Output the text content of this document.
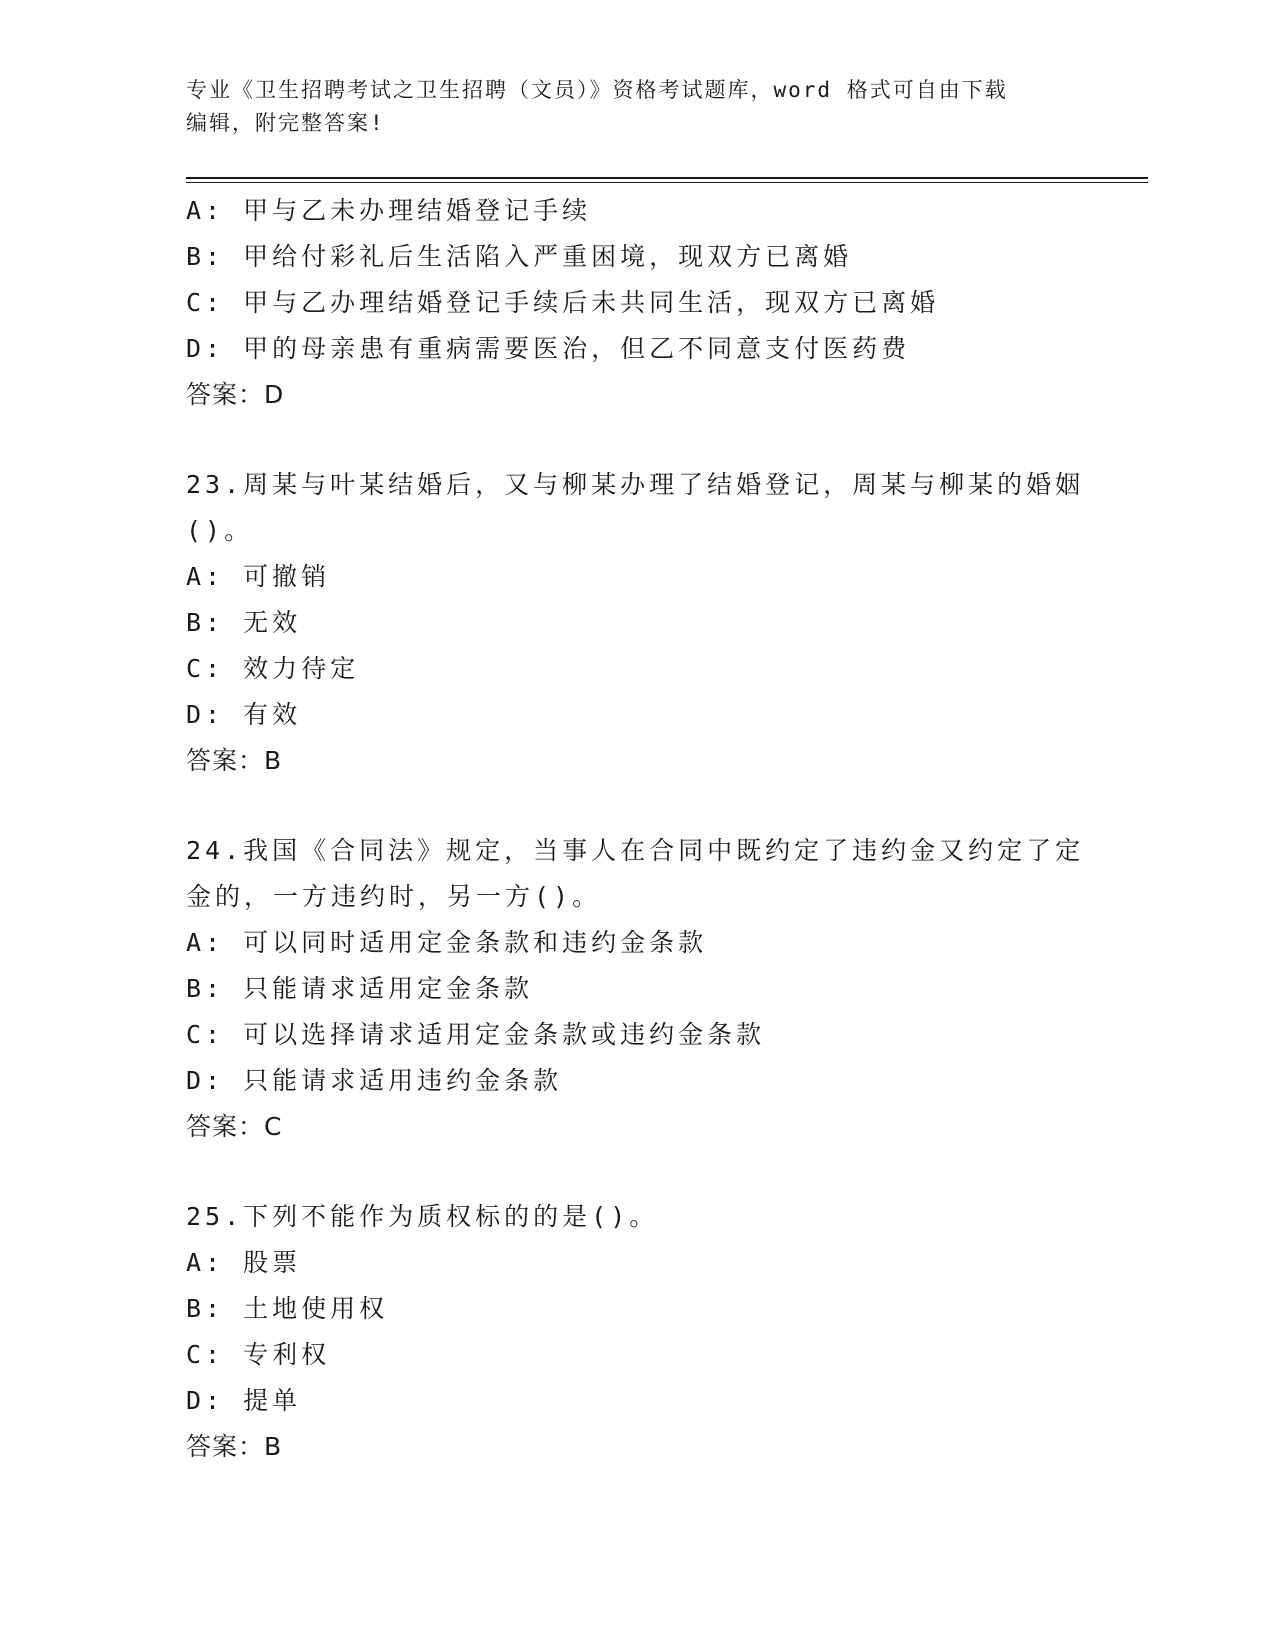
专业《卫生招聘考试之卫生招聘（文员）》资格考试题库，word 格式可自由下载
编辑，附完整答案!
A: 甲与乙未办理结婚登记手续
B: 甲给付彩礼后生活陷入严重困境，现双方已离婚
C: 甲与乙办理结婚登记手续后未共同生活，现双方已离婚
D: 甲的母亲患有重病需要医治，但乙不同意支付医药费
答案：D
23.周某与叶某结婚后，又与柳某办理了结婚登记，周某与柳某的婚姻
()。
A: 可撤销
B: 无效
C: 效力待定
D: 有效
答案：B
24.我国《合同法》规定，当事人在合同中既约定了违约金又约定了定
金的，一方违约时，另一方()。
A: 可以同时适用定金条款和违约金条款
B: 只能请求适用定金条款
C: 可以选择请求适用定金条款或违约金条款
D: 只能请求适用违约金条款
答案：C
25.下列不能作为质权标的的是()。
A: 股票
B: 土地使用权
C: 专利权
D: 提单
答案：B
